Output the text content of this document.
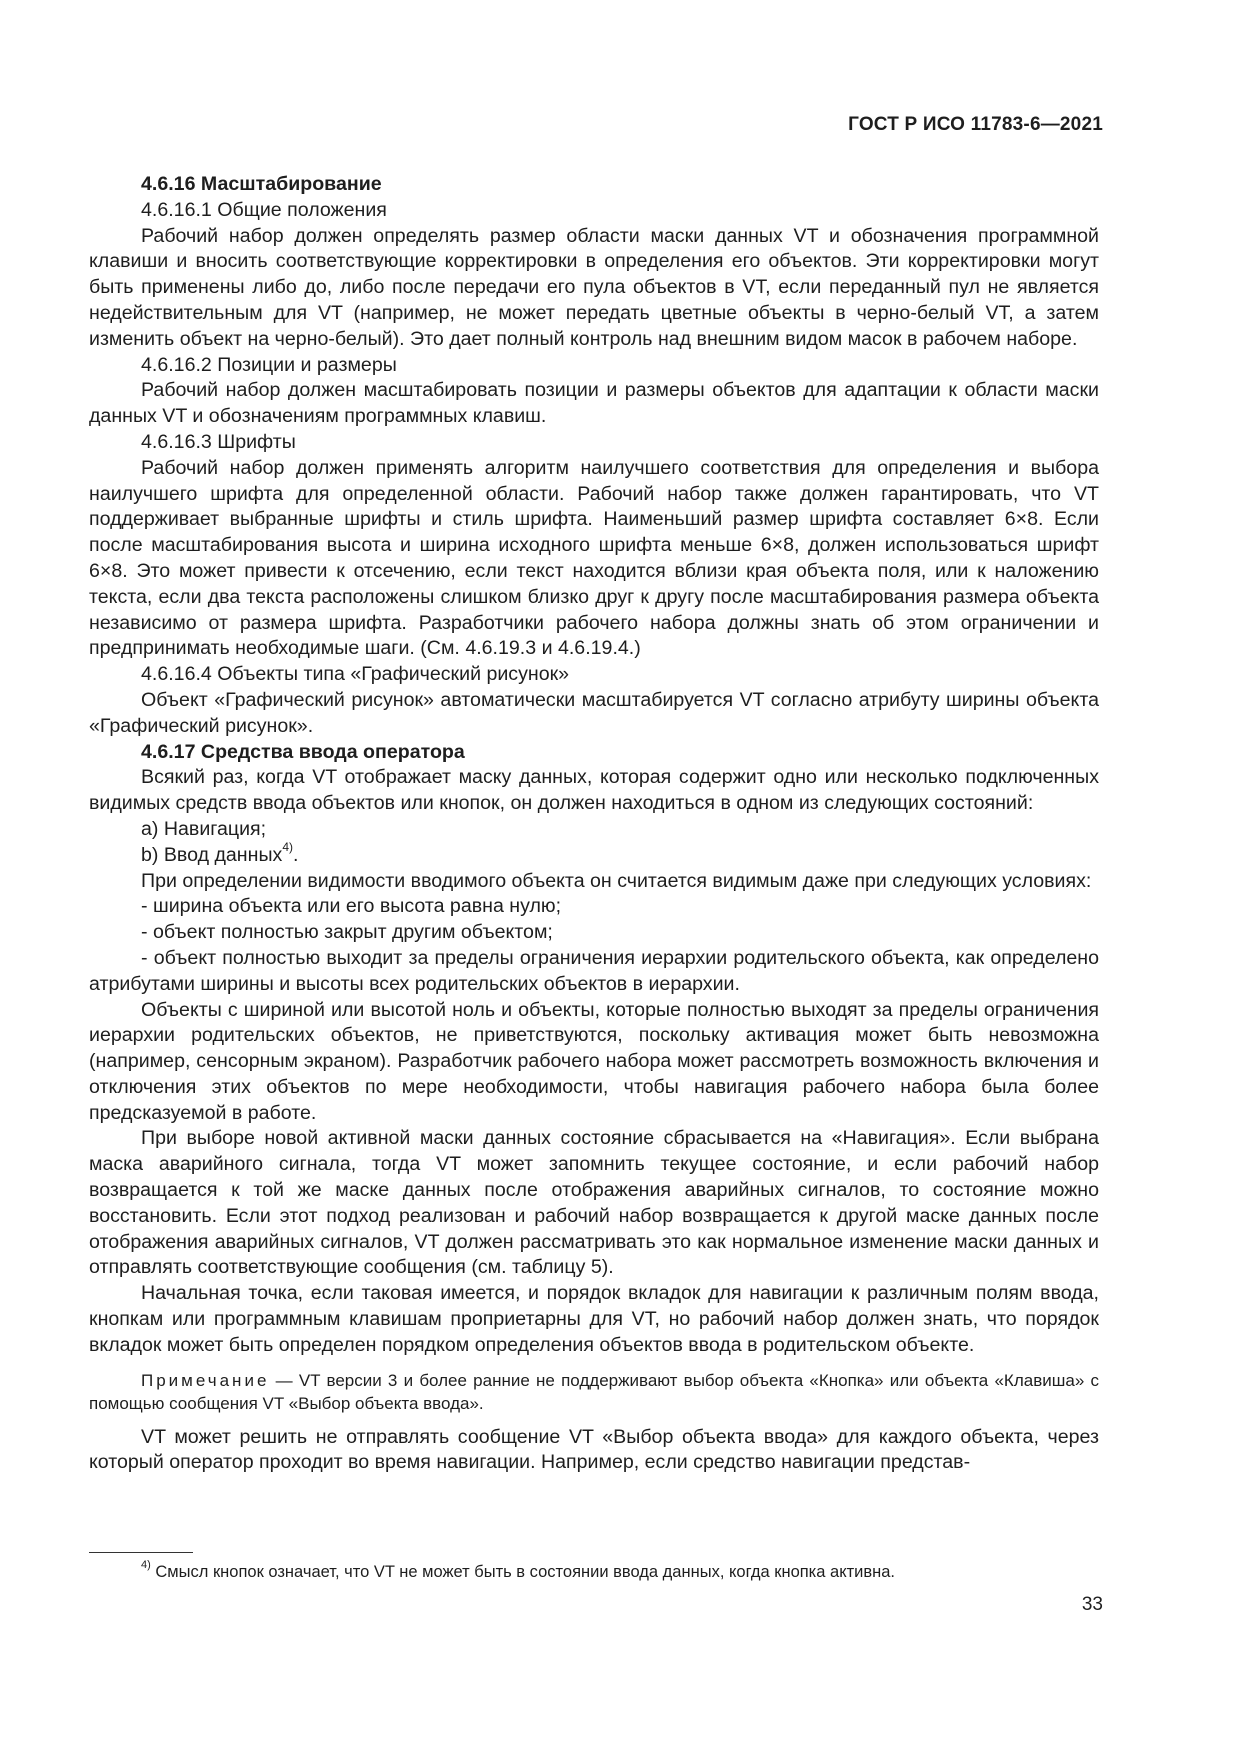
ГОСТ Р ИСО 11783-6—2021

4.6.16 Масштабирование

4.6.16.1 Общие положения

Рабочий набор должен определять размер области маски данных VT и обозначения программной клавиши и вносить соответствующие корректировки в определения его объектов. Эти корректировки могут быть применены либо до, либо после передачи его пула объектов в VT, если переданный пул не является недействительным для VT (например, не может передать цветные объекты в черно-белый VT, а затем изменить объект на черно-белый). Это дает полный контроль над внешним видом масок в рабочем наборе.

4.6.16.2 Позиции и размеры

Рабочий набор должен масштабировать позиции и размеры объектов для адаптации к области маски данных VT и обозначениям программных клавиш.

4.6.16.3 Шрифты

Рабочий набор должен применять алгоритм наилучшего соответствия для определения и выбора наилучшего шрифта для определенной области. Рабочий набор также должен гарантировать, что VT поддерживает выбранные шрифты и стиль шрифта. Наименьший размер шрифта составляет 6×8. Если после масштабирования высота и ширина исходного шрифта меньше 6×8, должен использоваться шрифт 6×8. Это может привести к отсечению, если текст находится вблизи края объекта поля, или к наложению текста, если два текста расположены слишком близко друг к другу после масштабирования размера объекта независимо от размера шрифта. Разработчики рабочего набора должны знать об этом ограничении и предпринимать необходимые шаги. (См. 4.6.19.3 и 4.6.19.4.)

4.6.16.4 Объекты типа «Графический рисунок»

Объект «Графический рисунок» автоматически масштабируется VT согласно атрибуту ширины объекта «Графический рисунок».

4.6.17 Средства ввода оператора

Всякий раз, когда VT отображает маску данных, которая содержит одно или несколько подключенных видимых средств ввода объектов или кнопок, он должен находиться в одном из следующих состояний:

a) Навигация;

b) Ввод данных$^{4)}$.

При определении видимости вводимого объекта он считается видимым даже при следующих условиях:

- ширина объекта или его высота равна нулю;

- объект полностью закрыт другим объектом;

- объект полностью выходит за пределы ограничения иерархии родительского объекта, как определено атрибутами ширины и высоты всех родительских объектов в иерархии.

Объекты с шириной или высотой ноль и объекты, которые полностью выходят за пределы ограничения иерархии родительских объектов, не приветствуются, поскольку активация может быть невозможна (например, сенсорным экраном). Разработчик рабочего набора может рассмотреть возможность включения и отключения этих объектов по мере необходимости, чтобы навигация рабочего набора была более предсказуемой в работе.

При выборе новой активной маски данных состояние сбрасывается на «Навигация». Если выбрана маска аварийного сигнала, тогда VT может запомнить текущее состояние, и если рабочий набор возвращается к той же маске данных после отображения аварийных сигналов, то состояние можно восстановить. Если этот подход реализован и рабочий набор возвращается к другой маске данных после отображения аварийных сигналов, VT должен рассматривать это как нормальное изменение маски данных и отправлять соответствующие сообщения (см. таблицу 5).

Начальная точка, если таковая имеется, и порядок вкладок для навигации к различным полям ввода, кнопкам или программным клавишам проприетарны для VT, но рабочий набор должен знать, что порядок вкладок может быть определен порядком определения объектов ввода в родительском объекте.

Примечание — VT версии 3 и более ранние не поддерживают выбор объекта «Кнопка» или объекта «Клавиша» с помощью сообщения VT «Выбор объекта ввода».

VT может решить не отправлять сообщение VT «Выбор объекта ввода» для каждого объекта, через который оператор проходит во время навигации. Например, если средство навигации представ-

$^{4)}$ Смысл кнопок означает, что VT не может быть в состоянии ввода данных, когда кнопка активна.
33
